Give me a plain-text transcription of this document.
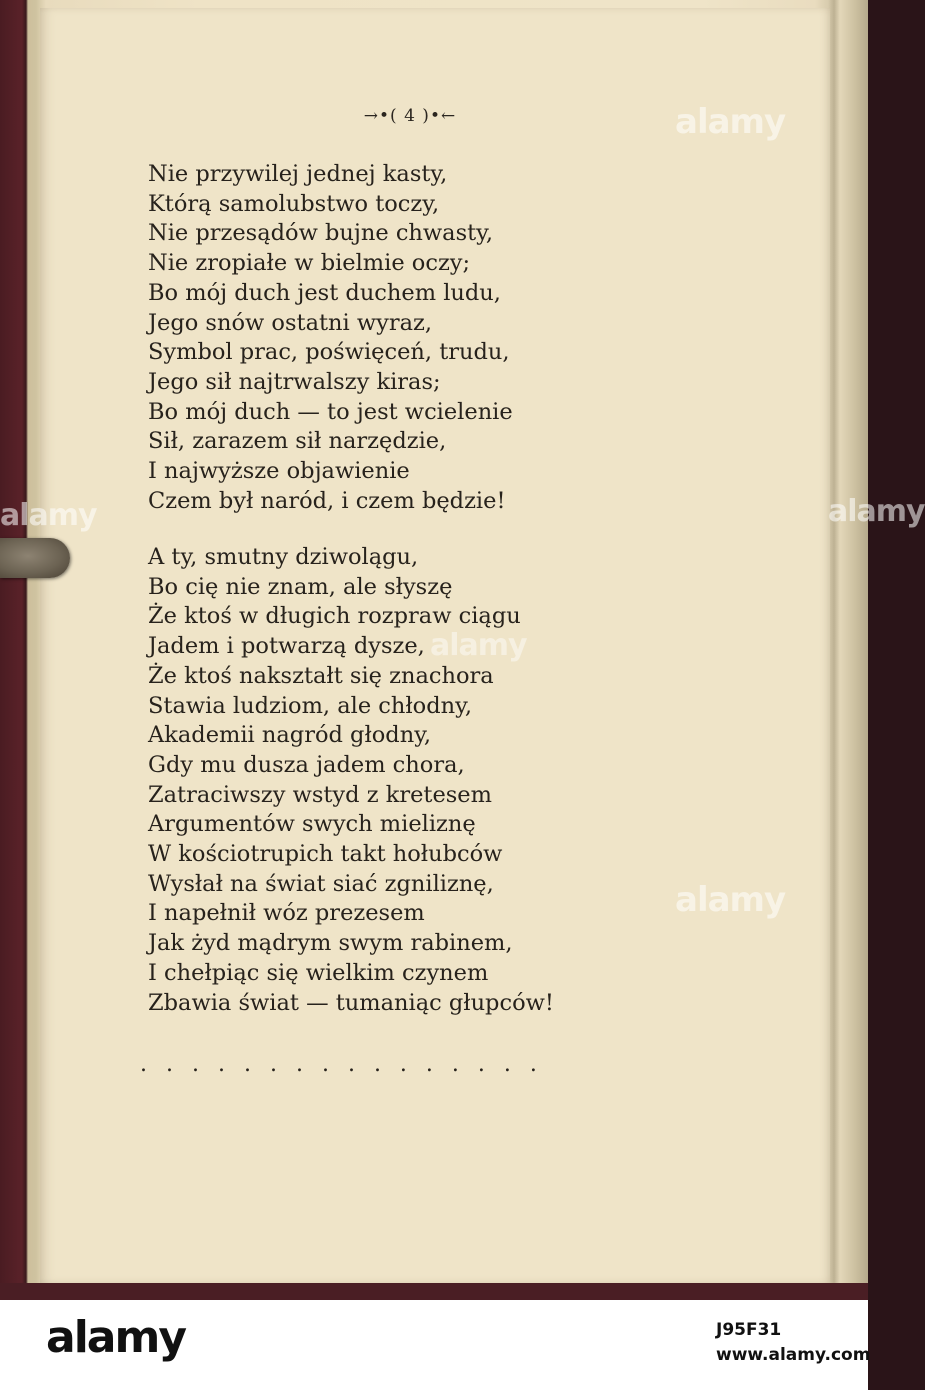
→•( 4 )•←
Nie przywilej jednej kasty,
Którą samolubstwo toczy,
Nie przesądów bujne chwasty,
Nie zropiałe w bielmie oczy;
Bo mój duch jest duchem ludu,
Jego snów ostatni wyraz,
Symbol prac, poświęceń, trudu,
Jego sił najtrwalszy kiras;
Bo mój duch — to jest wcielenie
Sił, zarazem sił narzędzie,
I najwyższe objawienie
Czem był naród, i czem będzie!
A ty, smutny dziwolągu,
Bo cię nie znam, ale słyszę
Że ktoś w długich rozpraw ciągu
Jadem i potwarzą dysze,
Że ktoś nakształt się znachora
Stawia ludziom, ale chłodny,
Akademii nagród głodny,
Gdy mu dusza jadem chora,
Zatraciwszy wstyd z kretesem
Argumentów swych mieliznę
W kościotrupich takt hołubców
Wysłał na świat siać zgniliznę,
I napełnił wóz prezesem
Jak żyd mądrym swym rabinem,
I chełpiąc się wielkim czynem
Zbawia świat — tumaniąc głupców!
................
alamy
alamy
alamy	alamy
alamy
alamy	J95F31
www.alamy.com
